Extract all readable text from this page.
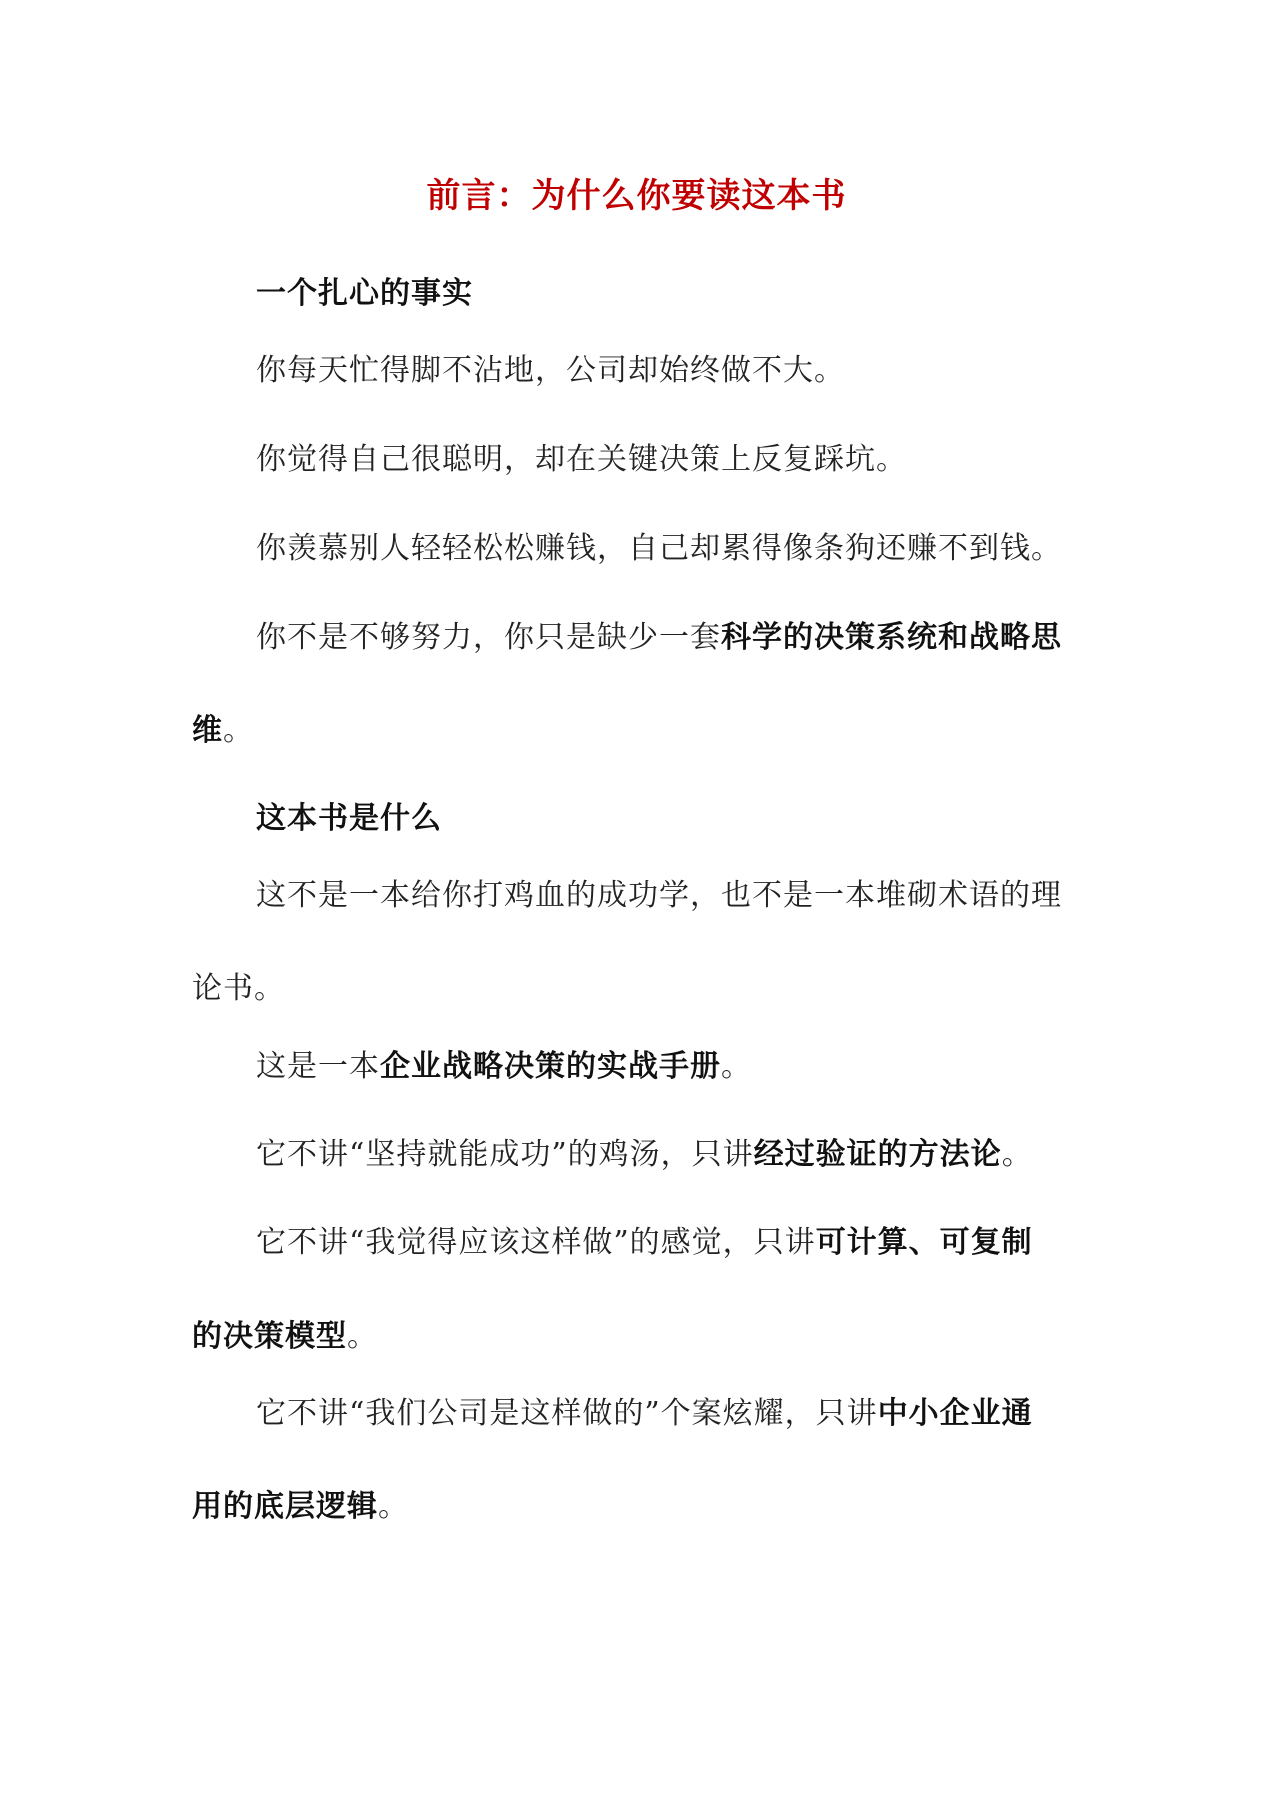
前言：为什么你要读这本书
一个扎心的事实
你每天忙得脚不沾地，公司却始终做不大。
你觉得自己很聪明，却在关键决策上反复踩坑。
你羡慕别人轻轻松松赚钱，自己却累得像条狗还赚不到钱。
你不是不够努力，你只是缺少一套科学的决策系统和战略思
维。
这本书是什么
这不是一本给你打鸡血的成功学，也不是一本堆砌术语的理
论书。
这是一本企业战略决策的实战手册。
它不讲“坚持就能成功”的鸡汤，只讲经过验证的方法论。
它不讲“我觉得应该这样做”的感觉，只讲可计算、可复制
的决策模型。
它不讲“我们公司是这样做的”个案炫耀，只讲中小企业通
用的底层逻辑。
